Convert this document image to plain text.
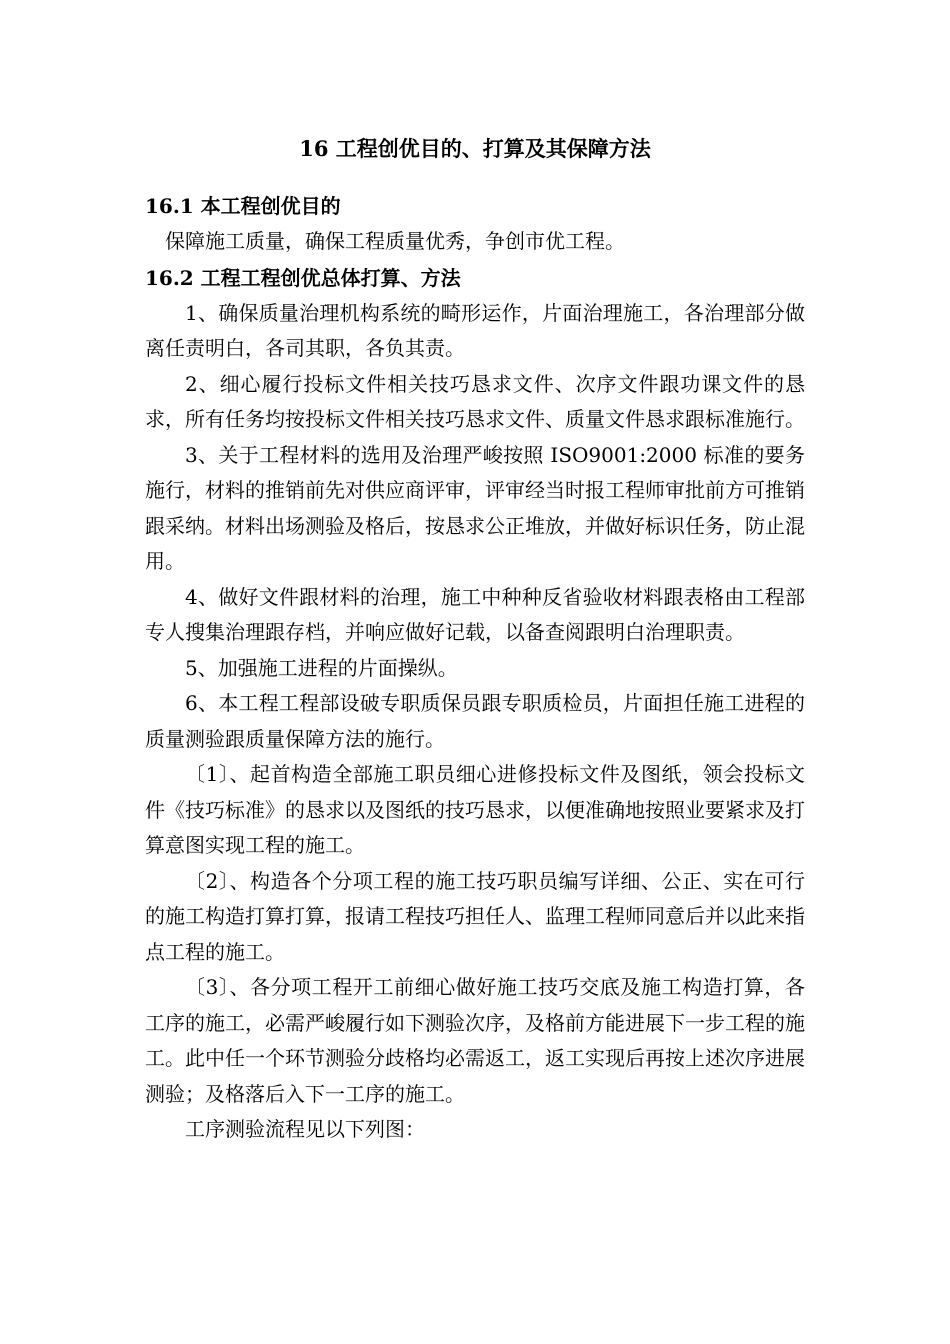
16 工程创优目的、打算及其保障方法
16.1 本工程创优目的

保障施工质量，确保工程质量优秀，争创市优工程。

16.2 工程工程创优总体打算、方法

1、确保质量治理机构系统的畸形运作，片面治理施工，各治理部分做离任责明白，各司其职，各负其责。

2、细心履行投标文件相关技巧恳求文件、次序文件跟功课文件的恳求，所有任务均按投标文件相关技巧恳求文件、质量文件恳求跟标准施行。

3、关于工程材料的选用及治理严峻按照 ISO9001:2000 标准的要务施行，材料的推销前先对供应商评审，评审经当时报工程师审批前方可推销跟采纳。材料出场测验及格后，按恳求公正堆放，并做好标识任务，防止混用。

4、做好文件跟材料的治理，施工中种种反省验收材料跟表格由工程部专人搜集治理跟存档，并响应做好记载，以备查阅跟明白治理职责。

5、加强施工进程的片面操纵。

6、本工程工程部设破专职质保员跟专职质检员，片面担任施工进程的质量测验跟质量保障方法的施行。

〔1〕、起首构造全部施工职员细心进修投标文件及图纸，领会投标文件《技巧标准》的恳求以及图纸的技巧恳求，以便准确地按照业要紧求及打算意图实现工程的施工。

〔2〕、构造各个分项工程的施工技巧职员编写详细、公正、实在可行的施工构造打算打算，报请工程技巧担任人、监理工程师同意后并以此来指点工程的施工。

〔3〕、各分项工程开工前细心做好施工技巧交底及施工构造打算，各工序的施工，必需严峻履行如下测验次序，及格前方能进展下一步工程的施工。此中任一个环节测验分歧格均必需返工，返工实现后再按上述次序进展测验；及格落后入下一工序的施工。

工序测验流程见以下列图：
